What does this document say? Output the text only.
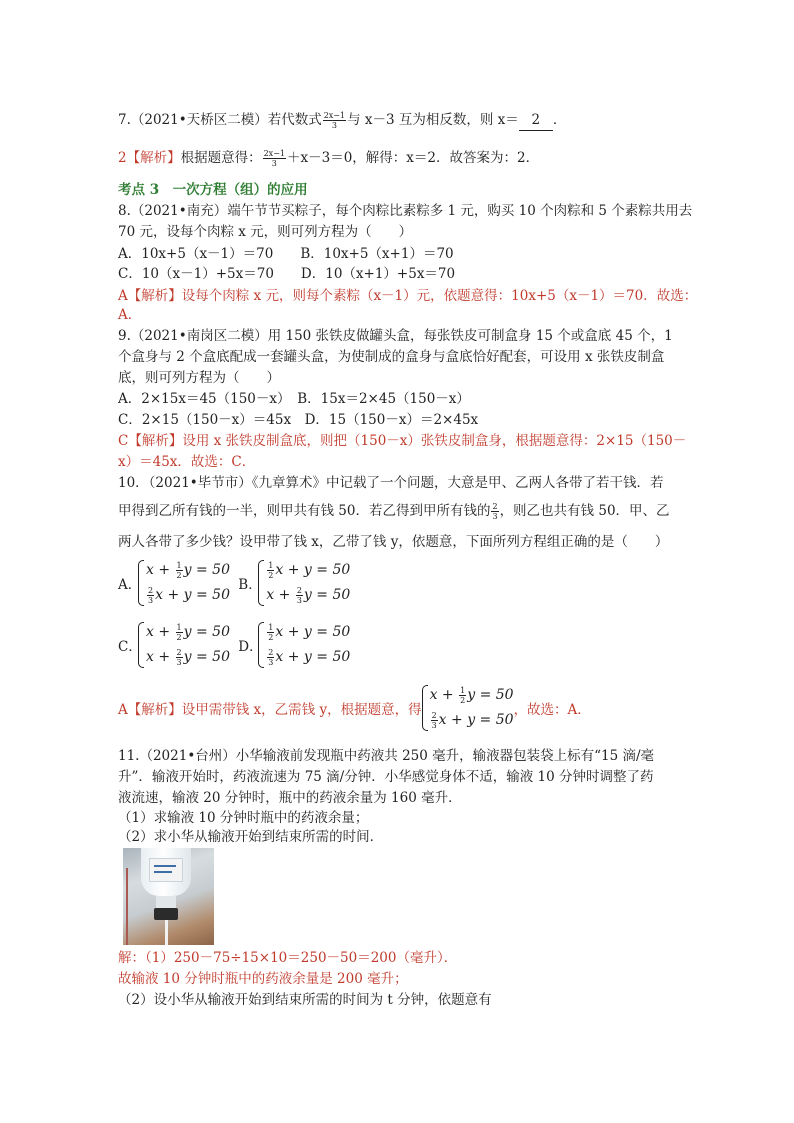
7.（2021•天桥区二模）若代数式 $\frac{2x-1}{3}$ 与 x－3 互为相反数，则 x＝ 2 ．
2【解析】根据题意得： $\frac{2x-1}{3} +x-3=0$，解得：x＝2．故答案为：2．
考点 3　一次方程（组）的应用
8.（2021•南充）端午节节买粽子，每个肉粽比素粽多 1 元，购买 10 个肉粽和 5 个素粽共用去
70 元，设每个肉粽 x 元，则可列方程为（　　）
A．10x+5（x－1）＝70　　B．10x+5（x+1）＝70
C．10（x－1）+5x＝70　　D．10（x+1）+5x＝70
A【解析】设每个肉粽 x 元，则每个素粽（x－1）元，依题意得：10x+5（x－1）＝70．故选：
A．
9.（2021•南岗区二模）用 150 张铁皮做罐头盒，每张铁皮可制盒身 15 个或盒底 45 个，1
个盒身与 2 个盒底配成一套罐头盒，为使制成的盒身与盒底恰好配套，可设用 x 张铁皮制盒
底，则可列方程为（　　）
A．2×15x＝45（150－x）　B．15x＝2×45（150－x）
C．2×15（150－x）＝45x　D．15（150－x）＝2×45x
C【解析】设用 x 张铁皮制盒底，则把（150－x）张铁皮制盒身，根据题意得：2×15（150－
x）＝45x．故选：C．
10．（2021•毕节市）《九章算术》中记载了一个问题，大意是甲、乙两人各带了若干钱．若
甲得到乙所有钱的一半，则甲共有钱 50．若乙得到甲所有钱的 $\frac{2}{3}$ ，则乙也共有钱 50．甲、乙
两人各带了多少钱？设甲带了钱 x，乙带了钱 y，依题意，下面所列方程组正确的是（　　）
A．
$x + \frac{1}{2}$ y = 50
$\frac{2}{3}$ x + y = 50
B．
$\frac{1}{2}$ x + y = 50
$x + \frac{2}{3}$ y = 50
C．
$x + \frac{1}{2}$ y = 50
$x + \frac{2}{3}$ y = 50
D．
$\frac{1}{2}$ x + y = 50
$\frac{2}{3}$ x + y = 50
A【解析】设甲需带钱 x，乙需钱 y，根据题意，得
$x + \frac{1}{2}$ y = 50
$\frac{2}{3}$ x + y = 50
，故选：A．
11.（2021•台州）小华输液前发现瓶中药液共 250 毫升，输液器包装袋上标有“15 滴/毫
升”．输液开始时，药液流速为 75 滴/分钟．小华感觉身体不适，输液 10 分钟时调整了药
液流速，输液 20 分钟时，瓶中的药液余量为 160 毫升．
（1）求输液 10 分钟时瓶中的药液余量；
（2）求小华从输液开始到结束所需的时间．
解：（1）250－75÷15×10＝250－50＝200（毫升）．
故输液 10 分钟时瓶中的药液余量是 200 毫升；
（2）设小华从输液开始到结束所需的时间为 t 分钟，依题意有
